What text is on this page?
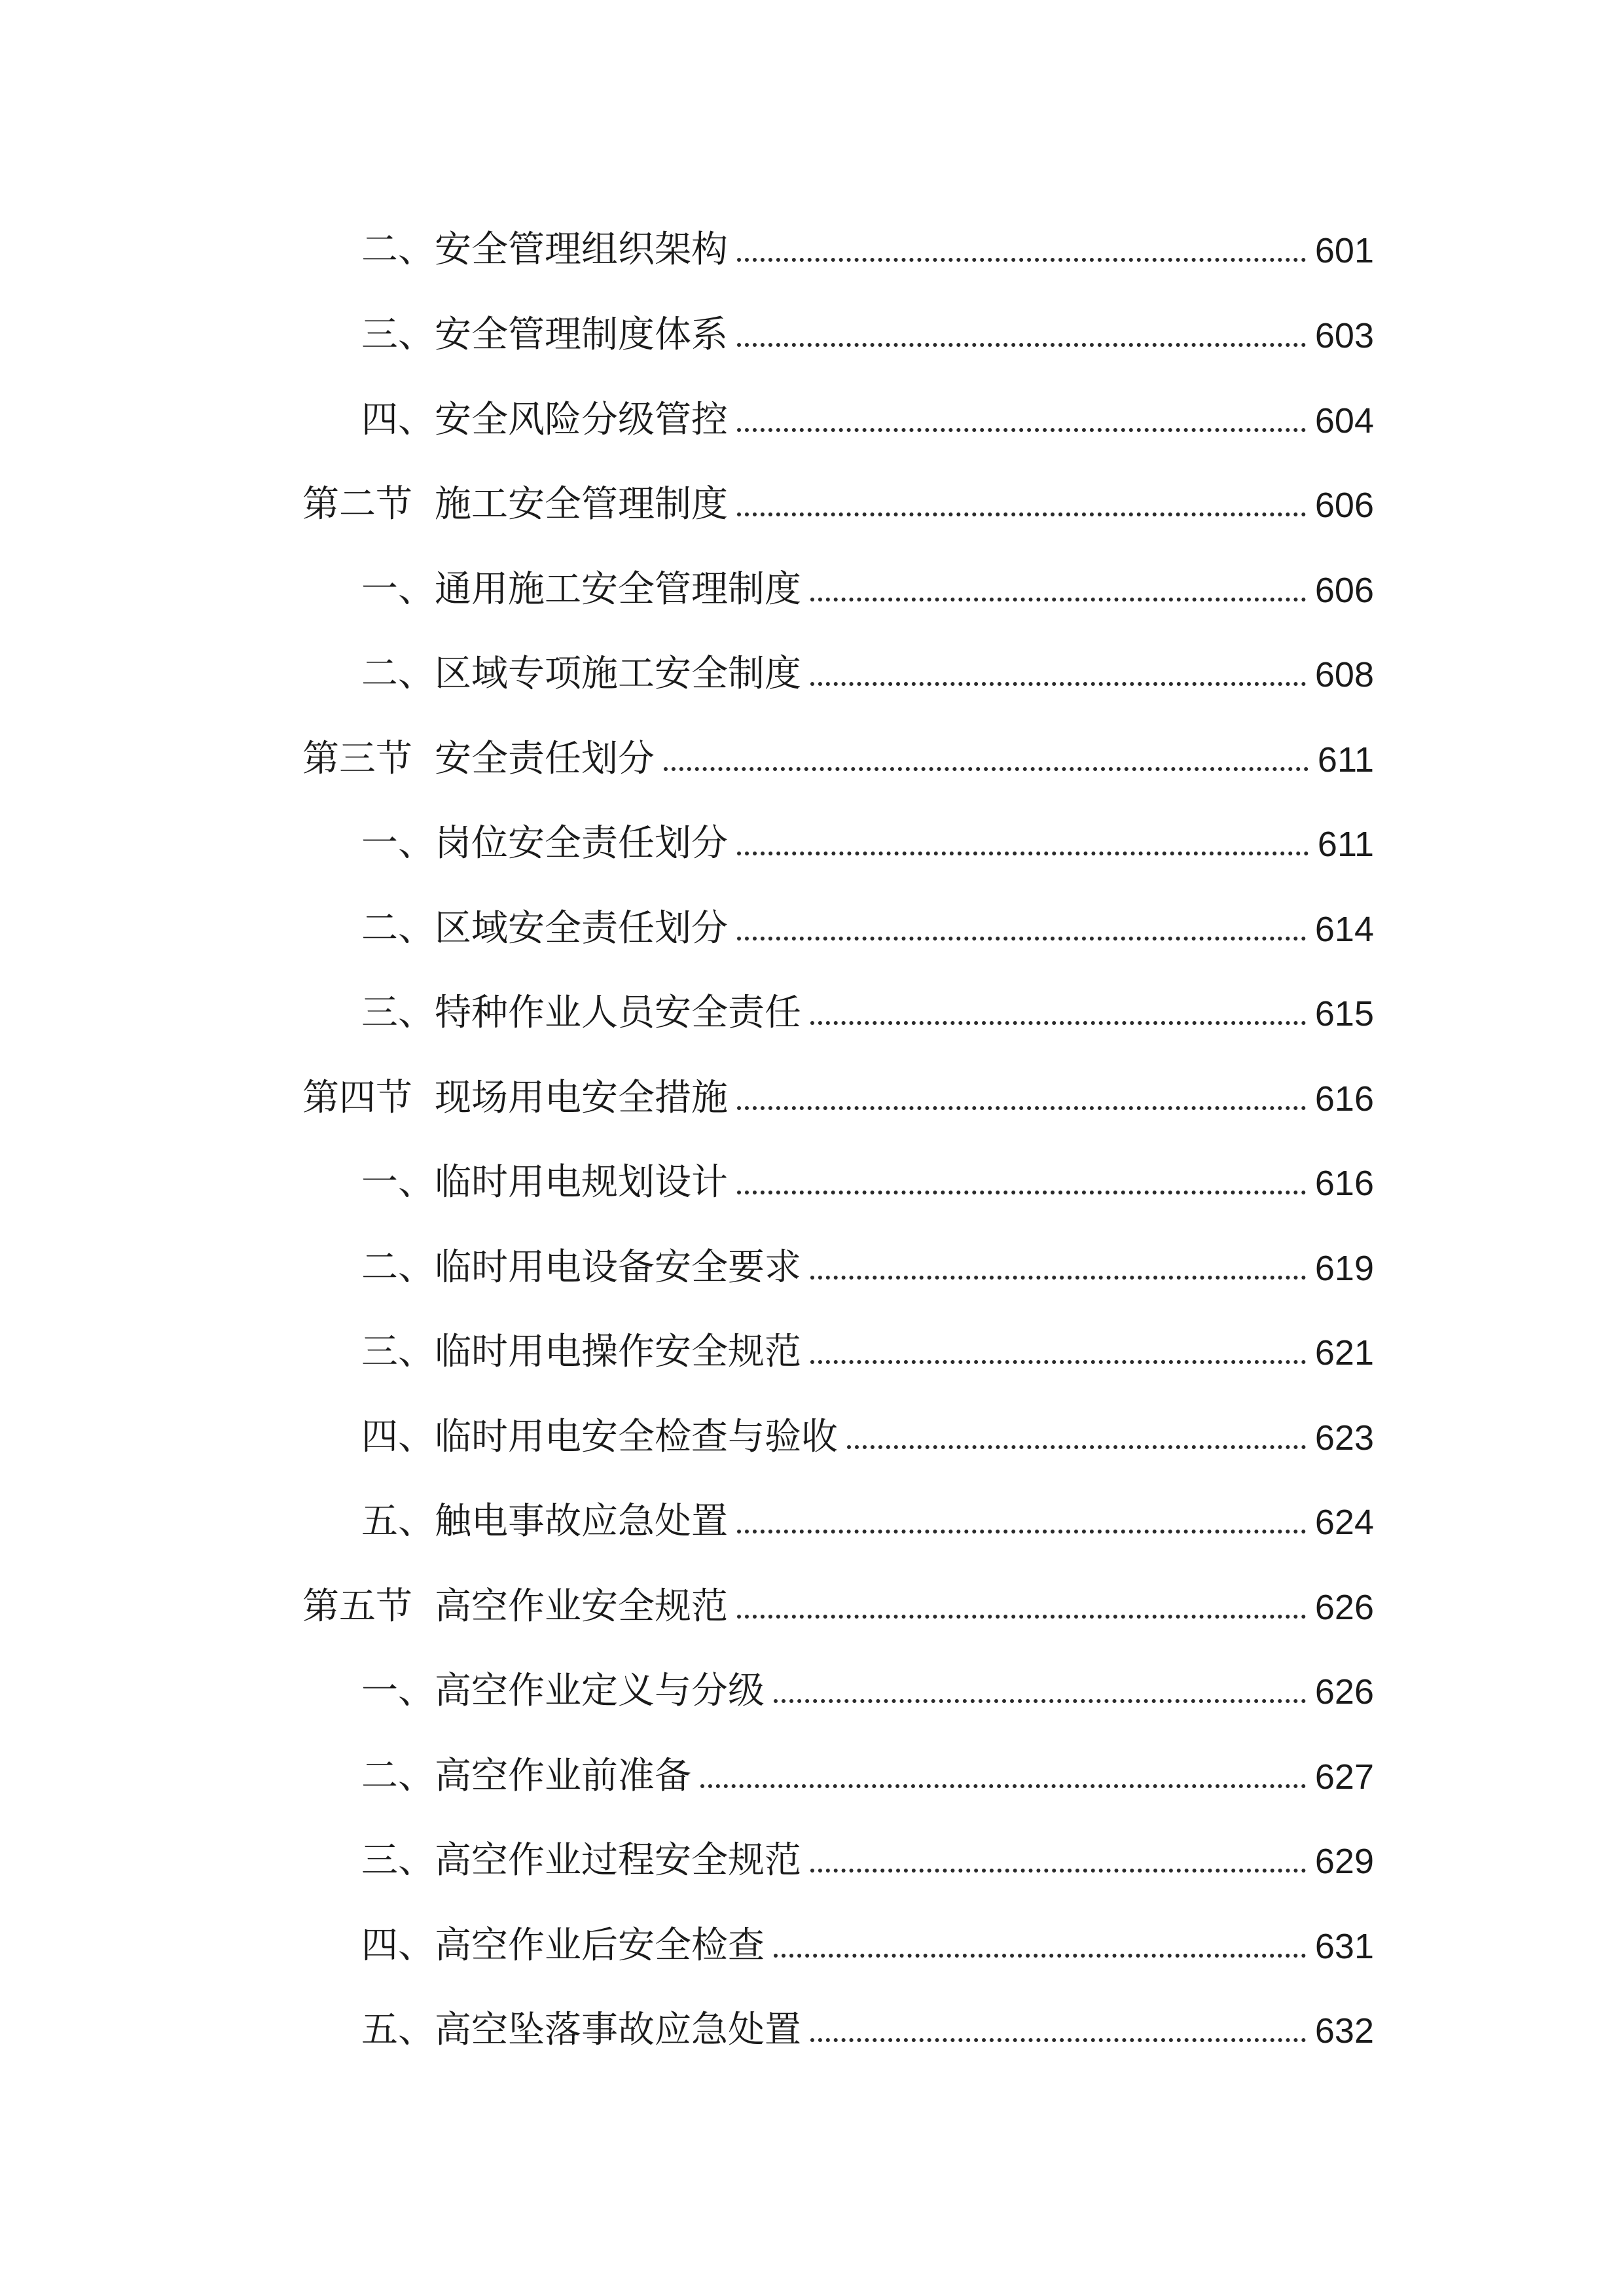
二、 安全管理组织架构	601
三、 安全管理制度体系	603
四、 安全风险分级管控	604
第二节 施工安全管理制度	606
一、 通用施工安全管理制度	606
二、 区域专项施工安全制度	608
第三节 安全责任划分	611
一、 岗位安全责任划分	611
二、 区域安全责任划分	614
三、 特种作业人员安全责任	615
第四节 现场用电安全措施	616
一、 临时用电规划设计	616
二、 临时用电设备安全要求	619
三、 临时用电操作安全规范	621
四、 临时用电安全检查与验收	623
五、 触电事故应急处置	624
第五节 高空作业安全规范	626
一、 高空作业定义与分级	626
二、 高空作业前准备	627
三、 高空作业过程安全规范	629
四、 高空作业后安全检查	631
五、 高空坠落事故应急处置	632
